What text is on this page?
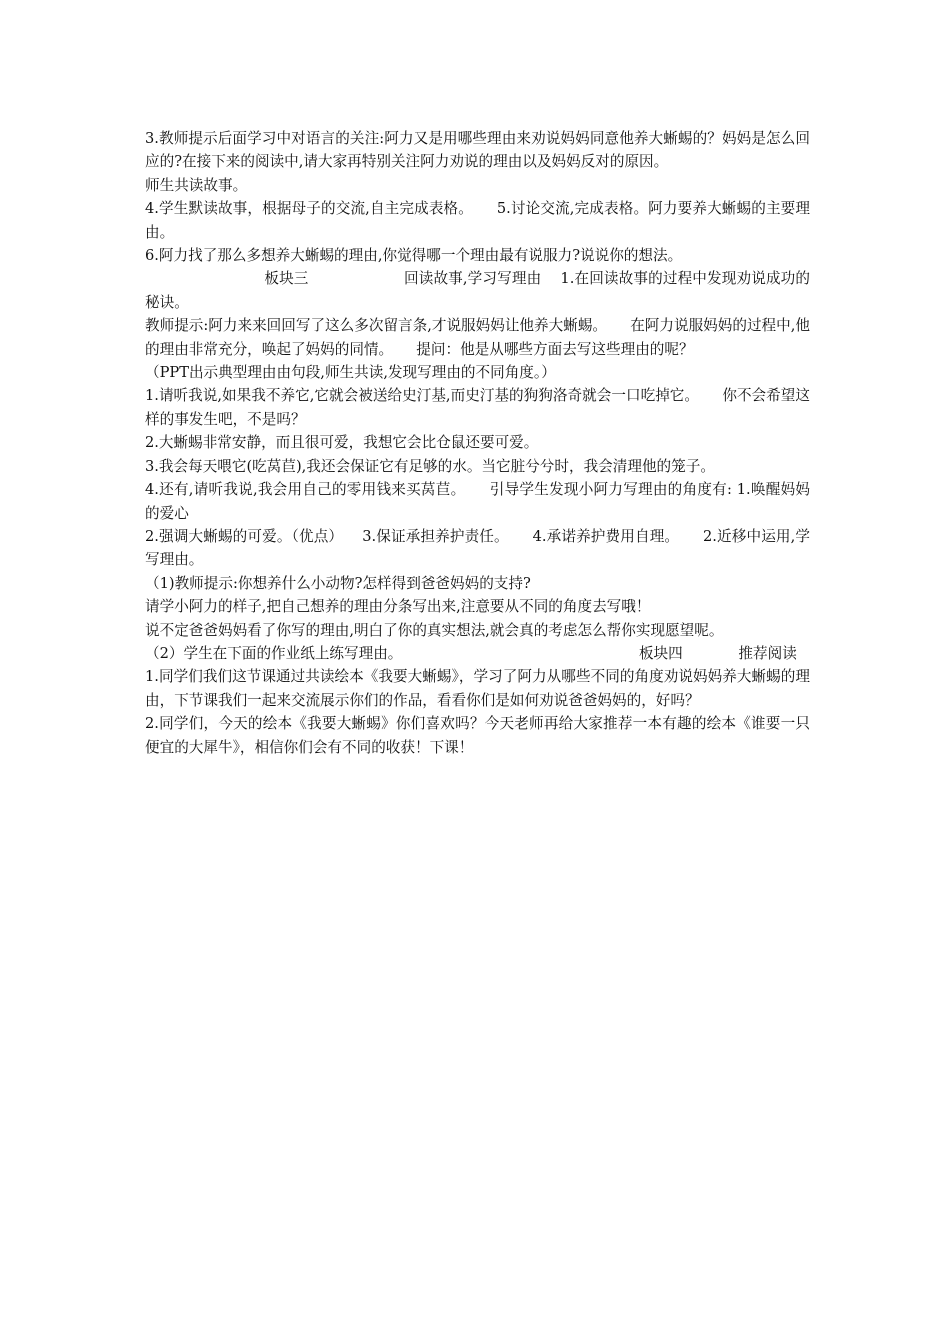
3.教师提示后面学习中对语言的关注:阿力又是用哪些理由来劝说妈妈同意他养大蜥蜴的？妈妈是怎么回应的?在接下来的阅读中,请大家再特别关注阿力劝说的理由以及妈妈反对的原因。

师生共读故事。

4.学生默读故事，根据母子的交流,自主完成表格。     5.讨论交流,完成表格。阿力要养大蜥蜴的主要理由。

6.阿力找了那么多想养大蜥蜴的理由,你觉得哪一个理由最有说服力?说说你的想法。

板块三                    回读故事,学习写理由    1.在回读故事的过程中发现劝说成功的秘诀。

教师提示:阿力来来回回写了这么多次留言条,才说服妈妈让他养大蜥蜴。     在阿力说服妈妈的过程中,他的理由非常充分，唤起了妈妈的同情。     提问：他是从哪些方面去写这些理由的呢？

（PPT出示典型理由由句段,师生共读,发现写理由的不同角度。）

1.请听我说,如果我不养它,它就会被送给史汀基,而史汀基的狗狗洛奇就会一口吃掉它。     你不会希望这样的事发生吧，不是吗？

2.大蜥蜴非常安静，而且很可爱，我想它会比仓鼠还要可爱。

3.我会每天喂它(吃莴苣),我还会保证它有足够的水。当它脏兮兮时，我会清理他的笼子。

4.还有,请听我说,我会用自己的零用钱来买莴苣。     引导学生发现小阿力写理由的角度有: 1.唤醒妈妈的爱心

2.强调大蜥蜴的可爱。（优点）    3.保证承担养护责任。     4.承诺养护费用自理。     2.近移中运用,学写理由。

（1)教师提示:你想养什么小动物?怎样得到爸爸妈妈的支持?

请学小阿力的样子,把自己想养的理由分条写出来,注意要从不同的角度去写哦！

说不定爸爸妈妈看了你写的理由,明白了你的真实想法,就会真的考虑怎么帮你实现愿望呢。

（2）学生在下面的作业纸上练写理由。                                                   板块四            推荐阅读

1.同学们我们这节课通过共读绘本《我要大蜥蜴》，学习了阿力从哪些不同的角度劝说妈妈养大蜥蜴的理由，下节课我们一起来交流展示你们的作品，看看你们是如何劝说爸爸妈妈的，好吗？

2.同学们，今天的绘本《我要大蜥蜴》你们喜欢吗？今天老师再给大家推荐一本有趣的绘本《谁要一只便宜的大犀牛》，相信你们会有不同的收获！下课！
